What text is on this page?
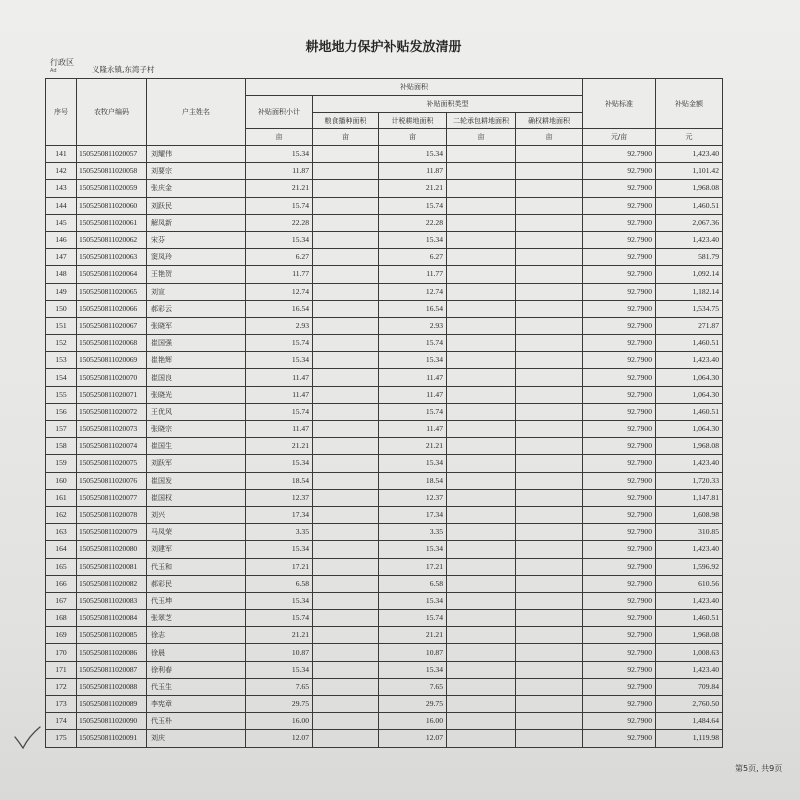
耕地地力保护补贴发放清册
行政区
Ad	义隆永镇,东湾子村
序号	农牧户编码	户主姓名	补贴面积					补贴标准	补贴金额
			补贴面积小计	补贴面积类型					
				粮食播种面积	计税耕地面积	二轮承包耕地面积	确权耕地面积		
			亩	亩	亩	亩	亩	元/亩	元
141	1505250811020057	刘耀伟	15.34		15.34			92.7900	1,423.40
142	1505250811020058	刘要宗	11.87		11.87			92.7900	1,101.42
143	1505250811020059	张庆金	21.21		21.21			92.7900	1,968.08
144	1505250811020060	刘跃民	15.74		15.74			92.7900	1,460.51
145	1505250811020061	解凤新	22.28		22.28			92.7900	2,067.36
146	1505250811020062	宋芬	15.34		15.34			92.7900	1,423.40
147	1505250811020063	窦凤玲	6.27		6.27			92.7900	581.79
148	1505250811020064	王艳贺	11.77		11.77			92.7900	1,092.14
149	1505250811020065	刘宣	12.74		12.74			92.7900	1,182.14
150	1505250811020066	郝彩云	16.54		16.54			92.7900	1,534.75
151	1505250811020067	张晓军	2.93		2.93			92.7900	271.87
152	1505250811020068	崔国强	15.74		15.74			92.7900	1,460.51
153	1505250811020069	崔艳辉	15.34		15.34			92.7900	1,423.40
154	1505250811020070	崔国良	11.47		11.47			92.7900	1,064.30
155	1505250811020071	张晓光	11.47		11.47			92.7900	1,064.30
156	1505250811020072	王优风	15.74		15.74			92.7900	1,460.51
157	1505250811020073	张晓宗	11.47		11.47			92.7900	1,064.30
158	1505250811020074	崔国生	21.21		21.21			92.7900	1,968.08
159	1505250811020075	刘跃军	15.34		15.34			92.7900	1,423.40
160	1505250811020076	崔国发	18.54		18.54			92.7900	1,720.33
161	1505250811020077	崔国权	12.37		12.37			92.7900	1,147.81
162	1505250811020078	刘兴	17.34		17.34			92.7900	1,608.98
163	1505250811020079	马凤荣	3.35		3.35			92.7900	310.85
164	1505250811020080	刘建军	15.34		15.34			92.7900	1,423.40
165	1505250811020081	代玉和	17.21		17.21			92.7900	1,596.92
166	1505250811020082	郝彩民	6.58		6.58			92.7900	610.56
167	1505250811020083	代玉坤	15.34		15.34			92.7900	1,423.40
168	1505250811020084	张翠芝	15.74		15.74			92.7900	1,460.51
169	1505250811020085	徐志	21.21		21.21			92.7900	1,968.08
170	1505250811020086	徐晨	10.87		10.87			92.7900	1,008.63
171	1505250811020087	徐利春	15.34		15.34			92.7900	1,423.40
172	1505250811020088	代玉生	7.65		7.65			92.7900	709.84
173	1505250811020089	李宪章	29.75		29.75			92.7900	2,760.50
174	1505250811020090	代玉朴	16.00		16.00			92.7900	1,484.64
175	1505250811020091	刘庆	12.07		12.07			92.7900	1,119.98
第5页, 共9页
